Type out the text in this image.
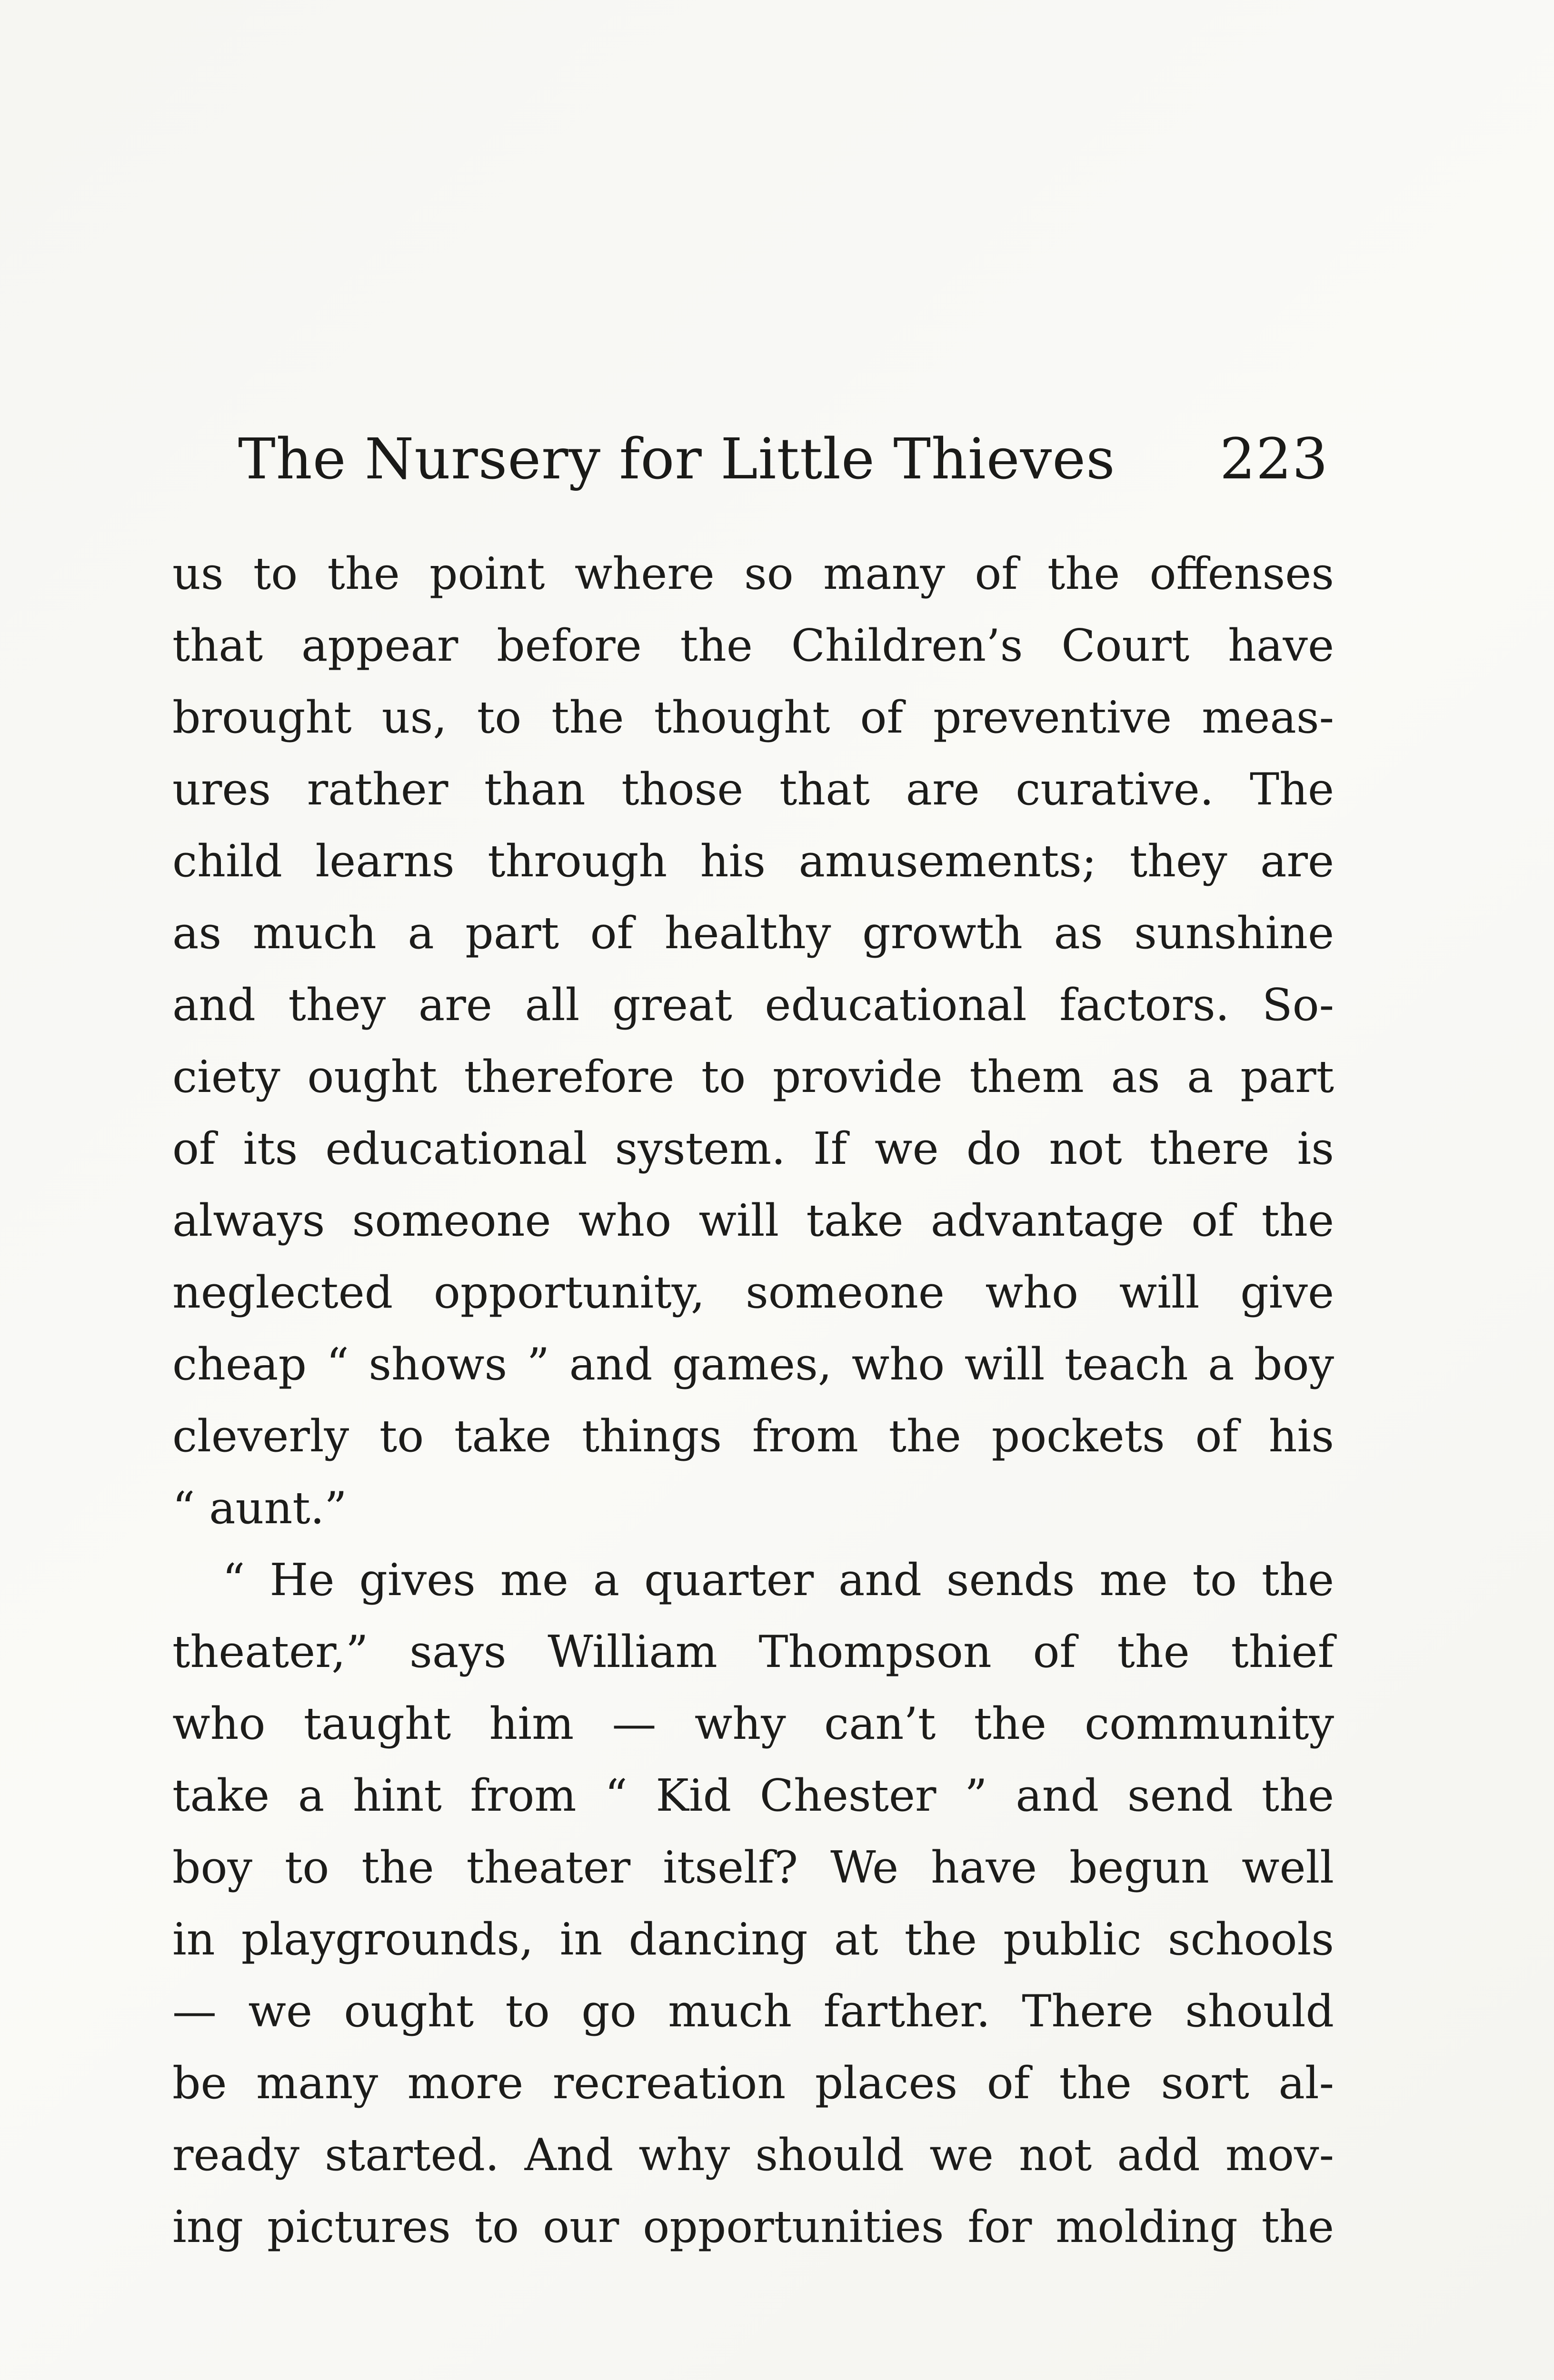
The Nursery for Little Thieves 223
us to the point where so many of the offenses
that appear before the Children’s Court have
brought us, to the thought of preventive meas-
ures rather than those that are curative. The
child learns through his amusements; they are
as much a part of healthy growth as sunshine
and they are all great educational factors. So-
ciety ought therefore to provide them as a part
of its educational system. If we do not there is
always someone who will take advantage of the
neglected opportunity, someone who will give
cheap “ shows ” and games, who will teach a boy
cleverly to take things from the pockets of his
“ aunt.”
“ He gives me a quarter and sends me to the
theater,” says William Thompson of the thief
who taught him — why can’t the community
take a hint from “ Kid Chester ” and send the
boy to the theater itself? We have begun well
in playgrounds, in dancing at the public schools
— we ought to go much farther. There should
be many more recreation places of the sort al-
ready started. And why should we not add mov-
ing pictures to our opportunities for molding the
